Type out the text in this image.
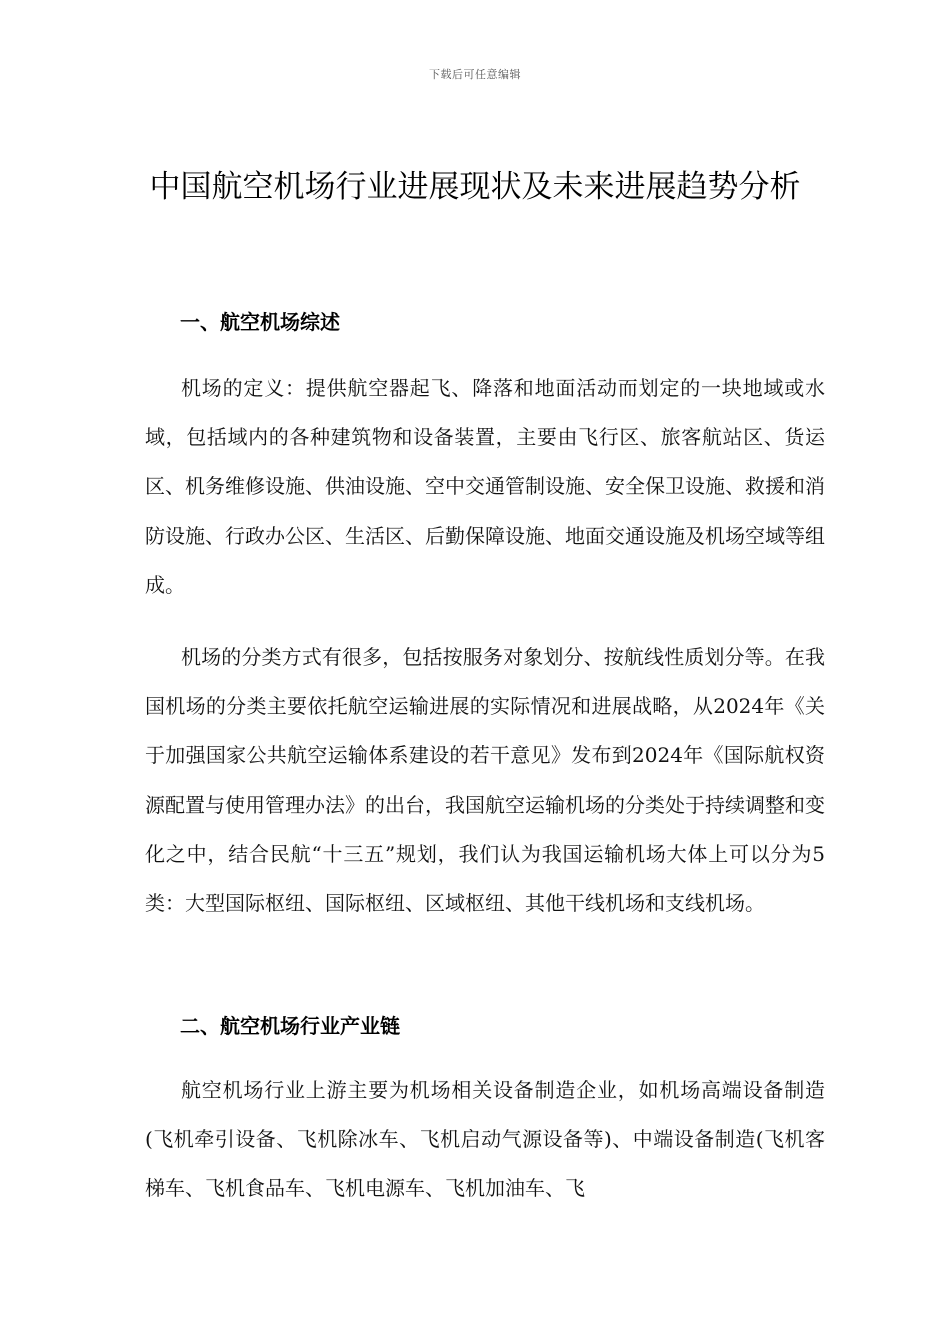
下载后可任意编辑
中国航空机场行业进展现状及未来进展趋势分析
一、航空机场综述

机场的定义：提供航空器起飞、降落和地面活动而划定的一块地域或水域，包括域内的各种建筑物和设备装置，主要由飞行区、旅客航站区、货运区、机务维修设施、供油设施、空中交通管制设施、安全保卫设施、救援和消防设施、行政办公区、生活区、后勤保障设施、地面交通设施及机场空域等组成。

机场的分类方式有很多，包括按服务对象划分、按航线性质划分等。在我国机场的分类主要依托航空运输进展的实际情况和进展战略，从2024年《关于加强国家公共航空运输体系建设的若干意见》发布到2024年《国际航权资源配置与使用管理办法》的出台，我国航空运输机场的分类处于持续调整和变化之中，结合民航“十三五”规划，我们认为我国运输机场大体上可以分为5类：大型国际枢纽、国际枢纽、区域枢纽、其他干线机场和支线机场。

二、航空机场行业产业链

航空机场行业上游主要为机场相关设备制造企业，如机场高端设备制造(飞机牵引设备、飞机除冰车、飞机启动气源设备等)、中端设备制造(飞机客梯车、飞机食品车、飞机电源车、飞机加油车、飞
